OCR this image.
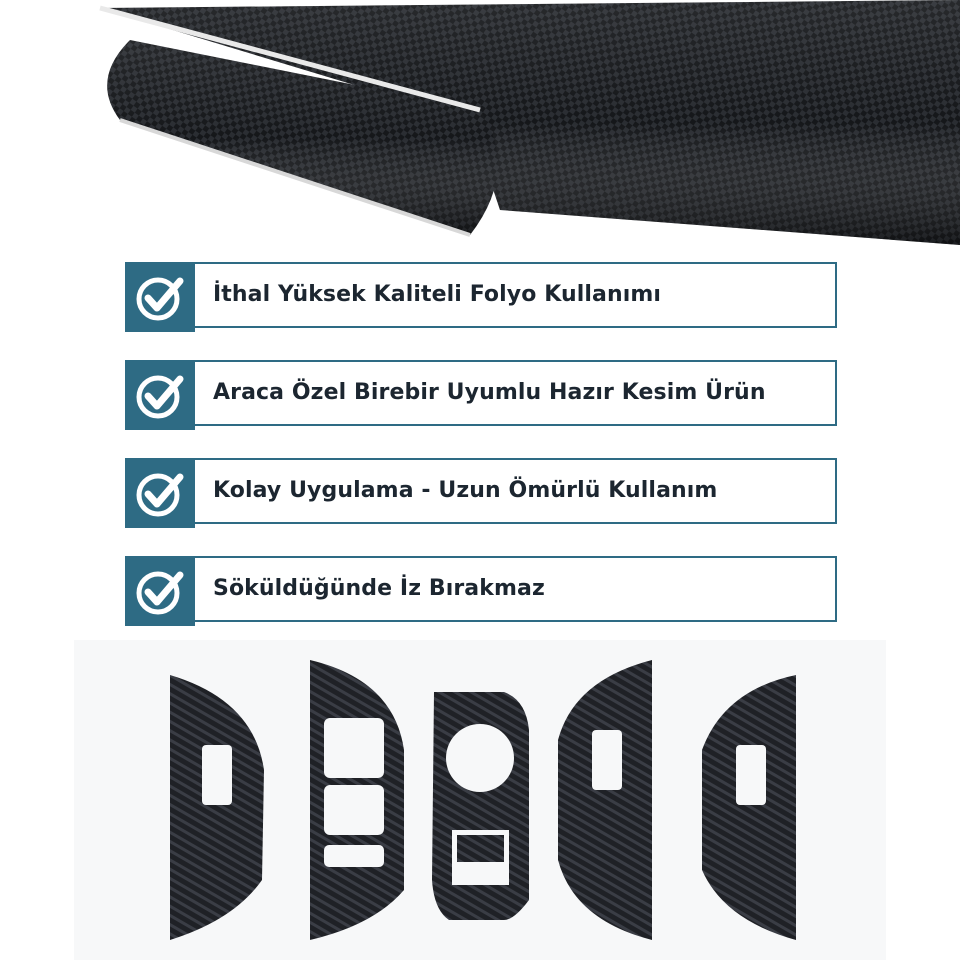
İthal Yüksek Kaliteli Folyo Kullanımı
Araca Özel Birebir Uyumlu Hazır Kesim Ürün
Kolay Uygulama - Uzun Ömürlü Kullanım
Söküldüğünde İz Bırakmaz
